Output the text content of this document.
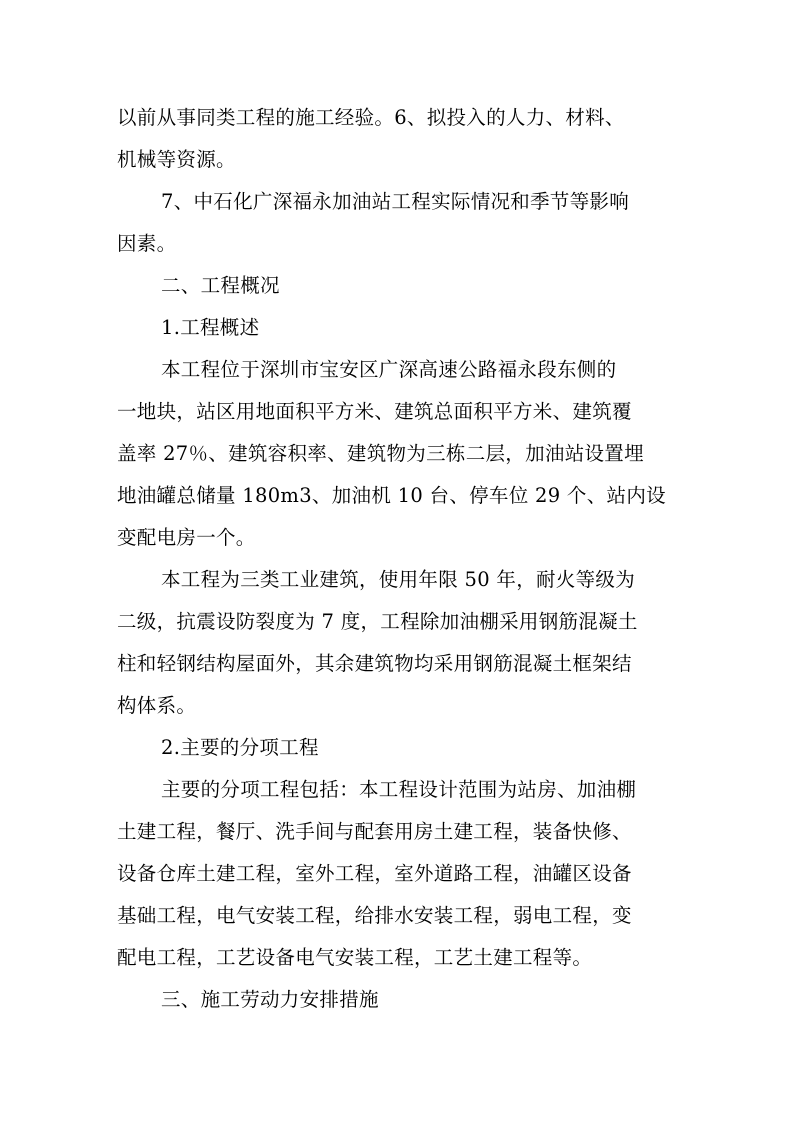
以前从事同类工程的施工经验。6、拟投入的人力、材料、
机械等资源。
7、中石化广深福永加油站工程实际情况和季节等影响
因素。
二、工程概况
1.工程概述
本工程位于深圳市宝安区广深高速公路福永段东侧的
一地块，站区用地面积平方米、建筑总面积平方米、建筑覆
盖率 27％、建筑容积率、建筑物为三栋二层，加油站设置埋
地油罐总储量 180m3、加油机 10 台、停车位 29 个、站内设
变配电房一个。
本工程为三类工业建筑，使用年限 50 年，耐火等级为
二级，抗震设防裂度为 7 度，工程除加油棚采用钢筋混凝土
柱和轻钢结构屋面外，其余建筑物均采用钢筋混凝土框架结
构体系。
2.主要的分项工程
主要的分项工程包括：本工程设计范围为站房、加油棚
土建工程，餐厅、洗手间与配套用房土建工程，装备快修、
设备仓库土建工程，室外工程，室外道路工程，油罐区设备
基础工程，电气安装工程，给排水安装工程，弱电工程，变
配电工程，工艺设备电气安装工程，工艺土建工程等。
三、施工劳动力安排措施
